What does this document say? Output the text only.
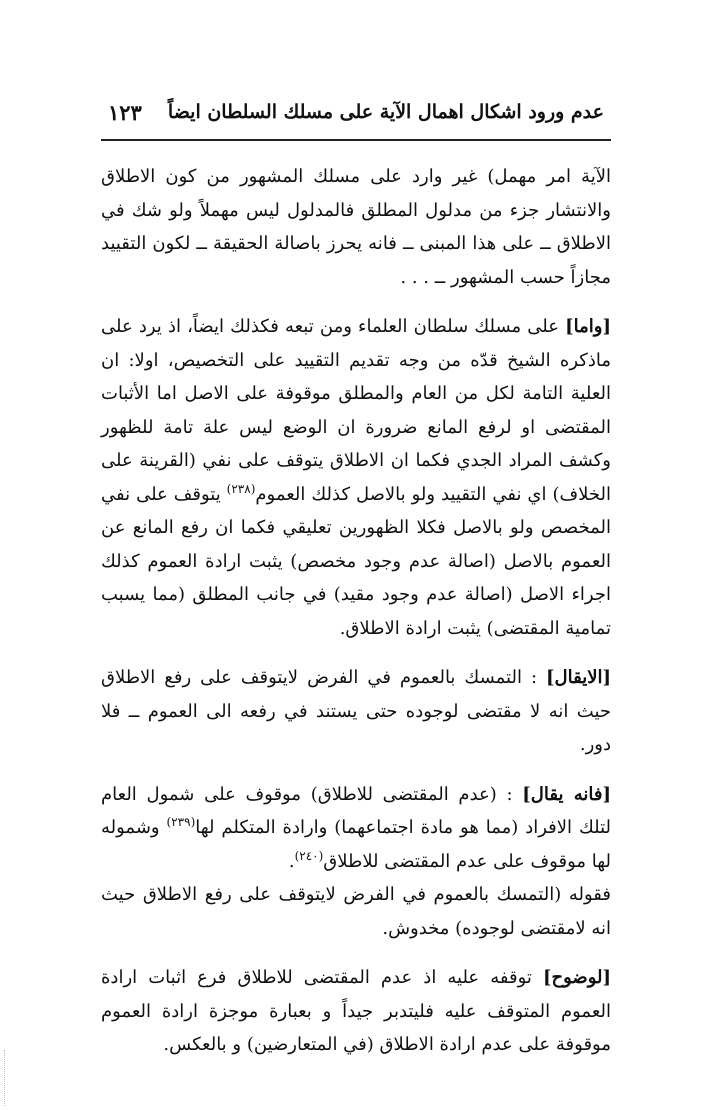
عدم ورود اشكال اهمال الآية على مسلك السلطان ايضاً
١٢٣

الآية امر مهمل) غير وارد على مسلك المشهور من كون الاطلاق والانتشار جزء من مدلول المطلق فالمدلول ليس مهملاً ولو شك في الاطلاق ــ على هذا المبنى ــ فانه يحرز باصالة الحقيقة ــ لكون التقييد مجازاً حسب المشهور ــ . . .

[واما] على مسلك سلطان العلماء ومن تبعه فكذلك ايضاً، اذ يرد على ماذكره الشيخ قدّه من وجه تقديم التقييد على التخصيص، اولا: ان العلية التامة لكل من العام والمطلق موقوفة على الاصل اما الأثبات المقتضى او لرفع المانع ضرورة ان الوضع ليس علة تامة للظهور وكشف المراد الجدي فكما ان الاطلاق يتوقف على نفي (القرينة على الخلاف) اي نفي التقييد ولو بالاصل كذلك العموم$^{(٢٣٨)}$ يتوقف على نفي المخصص ولو بالاصل فكلا الظهورين تعليقي فكما ان رفع المانع عن العموم بالاصل (اصالة عدم وجود مخصص) يثبت ارادة العموم كذلك اجراء الاصل (اصالة عدم وجود مقيد) في جانب المطلق (مما يسبب تمامية المقتضى) يثبت ارادة الاطلاق.

[الايقال] : التمسك بالعموم في الفرض لايتوقف على رفع الاطلاق حيث انه لا مقتضى لوجوده حتى يستند في رفعه الى العموم ــ فلا دور.

[فانه يقال] : (عدم المقتضى للاطلاق) موقوف على شمول العام لتلك الافراد (مما هو مادة اجتماعهما) وارادة المتكلم لها$^{(٢٣٩)}$ وشموله لها موقوف على عدم المقتضى للاطلاق$^{(٢٤٠)}$.

فقوله (التمسك بالعموم في الفرض لايتوقف على رفع الاطلاق حيث انه لامقتضى لوجوده) مخدوش.

[لوضوح] توقفه عليه اذ عدم المقتضى للاطلاق فرع اثبات ارادة العموم المتوقف عليه فليتدبر جيداً و بعبارة موجزة ارادة العموم موقوفة على عدم ارادة الاطلاق (في المتعارضين) و بالعكس.
